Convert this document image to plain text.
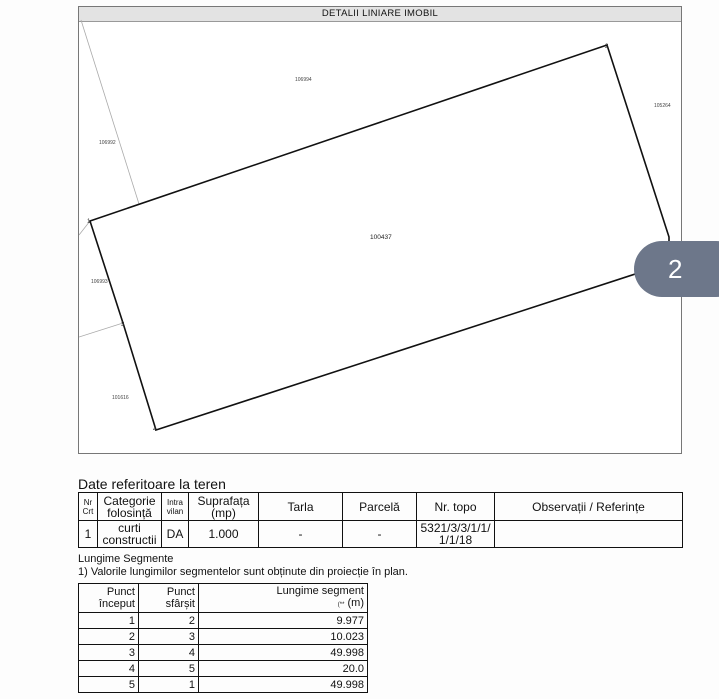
DETALII LINIARE IMOBIL
100437
106994
105264
106992
106993
101616
1
2
3
4
2
Date referitoare la teren
Nr Crt	Categorie folosință	Intra vilan	Suprafața (mp)	Tarla	Parcelă	Nr. topo	Observații / Referințe
1	curti constructii	DA	1.000	-	-	5321/3/3/1/1/1/1/18	
Lungime Segmente
1) Valorile lungimilor segmentelor sunt obținute din proiecție în plan.
Punct început	Punct sfârșit	Lungime segment
(** (m)
1	2	9.977
2	3	10.023
3	4	49.998
4	5	20.0
5	1	49.998
